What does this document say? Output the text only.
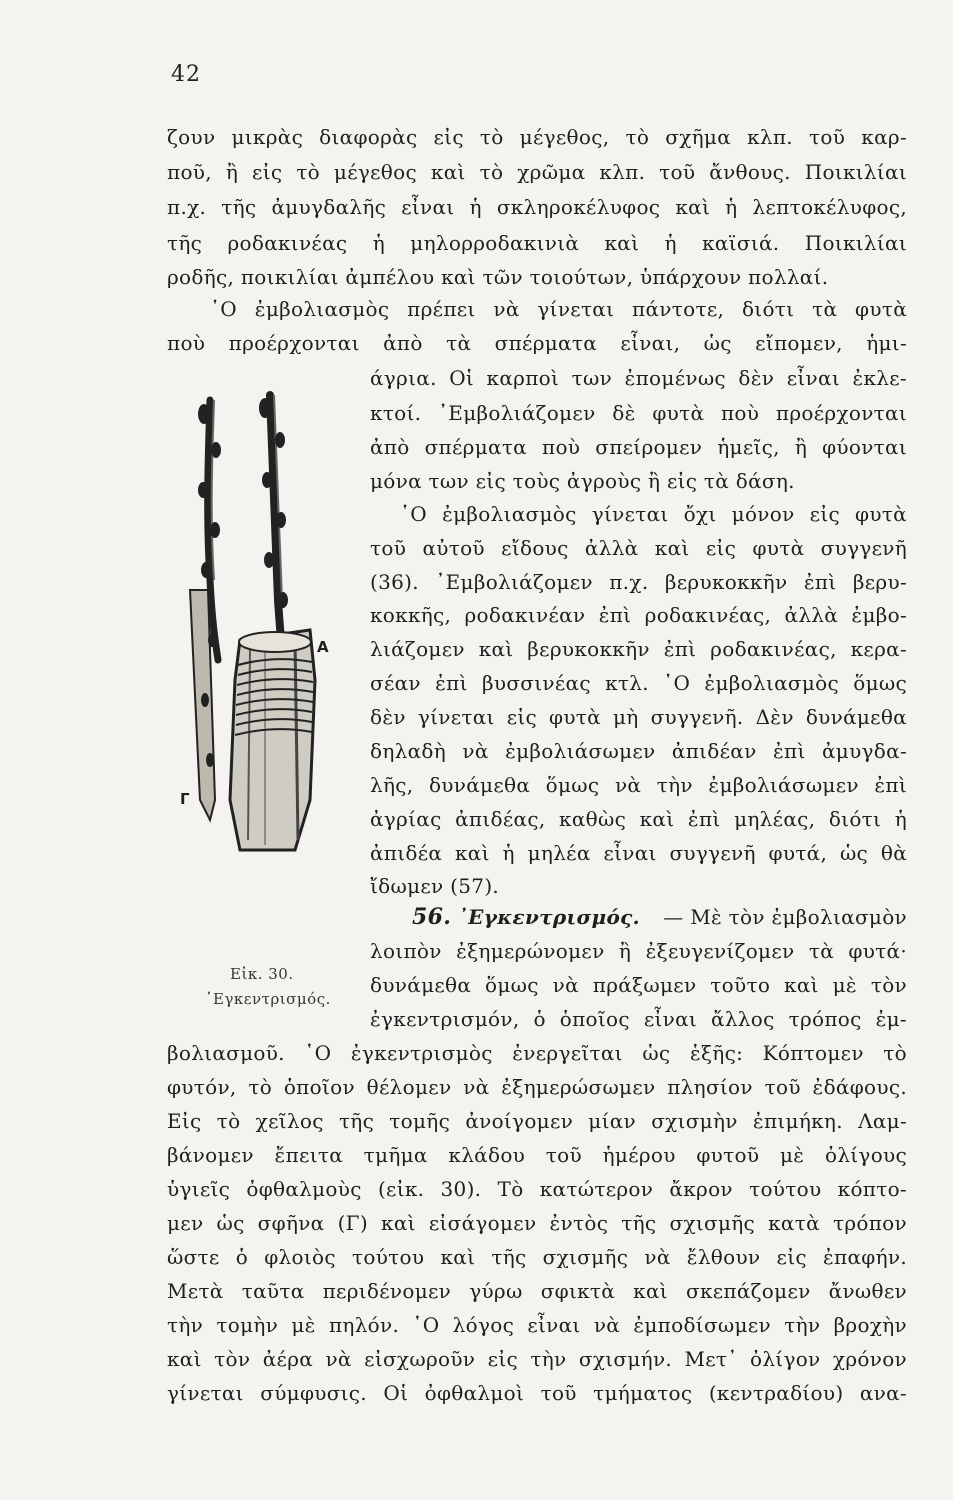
42
ζουν μικρὰς διαφορὰς εἰς τὸ μέγεθος, τὸ σχῆμα κλπ. τοῦ καρ-
ποῦ, ἢ εἰς τὸ μέγεθος καὶ τὸ χρῶμα κλπ. τοῦ ἄνθους. Ποικιλίαι
π.χ. τῆς ἀμυγδαλῆς εἶναι ἡ σκληροκέλυφος καὶ ἡ λεπτοκέλυφος,
τῆς ροδακινέας ἡ μηλορροδακινιὰ καὶ ἡ καϊσιά. Ποικιλίαι
ροδῆς, ποικιλίαι ἀμπέλου καὶ τῶν τοιούτων, ὑπάρχουν πολλαί.
῾Ο ἐμβολιασμὸς πρέπει νὰ γίνεται πάντοτε, διότι τὰ φυτὰ
ποὺ προέρχονται ἀπὸ τὰ σπέρματα εἶναι, ὡς εἴπομεν, ἡμι-
άγρια. Οἱ καρποὶ των ἐπομένως δὲν εἶναι ἐκλε-
κτοί. ᾿Εμβολιάζομεν δὲ φυτὰ ποὺ προέρχονται
ἀπὸ σπέρματα ποὺ σπείρομεν ἡμεῖς, ἢ φύονται
μόνα των εἰς τοὺς ἀγροὺς ἢ εἰς τὰ δάση.
῾Ο ἐμβολιασμὸς γίνεται ὄχι μόνον εἰς φυτὰ
τοῦ αὐτοῦ εἴδους ἀλλὰ καὶ εἰς φυτὰ συγγενῆ
(36). ᾿Εμβολιάζομεν π.χ. βερυκοκκῆν ἐπὶ βερυ-
κοκκῆς, ροδακινέαν ἐπὶ ροδακινέας, ἀλλὰ ἐμβο-
λιάζομεν καὶ βερυκοκκῆν ἐπὶ ροδακινέας, κερα-
σέαν ἐπὶ βυσσινέας κτλ. ῾Ο ἐμβολιασμὸς ὅμως
δὲν γίνεται εἰς φυτὰ μὴ συγγενῆ. Δὲν δυνάμεθα
δηλαδὴ νὰ ἐμβολιάσωμεν ἀπιδέαν ἐπὶ ἀμυγδα-
λῆς, δυνάμεθα ὅμως νὰ τὴν ἐμβολιάσωμεν ἐπὶ
ἀγρίας ἀπιδέας, καθὼς καὶ ἐπὶ μηλέας, διότι ἡ
ἀπιδέα καὶ ἡ μηλέα εἶναι συγγενῆ φυτά, ὡς θὰ
ἴδωμεν (57).
56. ᾿Εγκεντρισμός. — Μὲ τὸν ἐμβολιασμὸν
λοιπὸν ἐξημερώνομεν ἢ ἐξευγενίζομεν τὰ φυτά·
δυνάμεθα ὅμως νὰ πράξωμεν τοῦτο καὶ μὲ τὸν
ἐγκεντρισμόν, ὁ ὁποῖος εἶναι ἄλλος τρόπος ἐμ-
βολιασμοῦ. ῾Ο ἐγκεντρισμὸς ἐνεργεῖται ὡς ἑξῆς: Κόπτομεν τὸ
φυτόν, τὸ ὁποῖον θέλομεν νὰ ἐξημερώσωμεν πλησίον τοῦ ἐδάφους.
Εἰς τὸ χεῖλος τῆς τομῆς ἀνοίγομεν μίαν σχισμὴν ἐπιμήκη. Λαμ-
βάνομεν ἔπειτα τμῆμα κλάδου τοῦ ἡμέρου φυτοῦ μὲ ὀλίγους
ὑγιεῖς ὀφθαλμοὺς (εἰκ. 30). Τὸ κατώτερον ἄκρον τούτου κόπτο-
μεν ὡς σφῆνα (Γ) καὶ εἰσάγομεν ἐντὸς τῆς σχισμῆς κατὰ τρόπον
ὥστε ὁ φλοιὸς τούτου καὶ τῆς σχισμῆς νὰ ἔλθουν εἰς ἐπαφήν.
Μετὰ ταῦτα περιδένομεν γύρω σφικτὰ καὶ σκεπάζομεν ἄνωθεν
τὴν τομὴν μὲ πηλόν. ῾Ο λόγος εἶναι νὰ ἐμποδίσωμεν τὴν βροχὴν
καὶ τὸν ἀέρα νὰ εἰσχωροῦν εἰς τὴν σχισμήν. Μετ᾿ ὀλίγον χρόνον
γίνεται σύμφυσις. Οἱ ὀφθαλμοὶ τοῦ τμήματος (κεντραδίου) ανα-
A
Γ
Εἰκ. 30.
᾿Εγκεντρισμός.
